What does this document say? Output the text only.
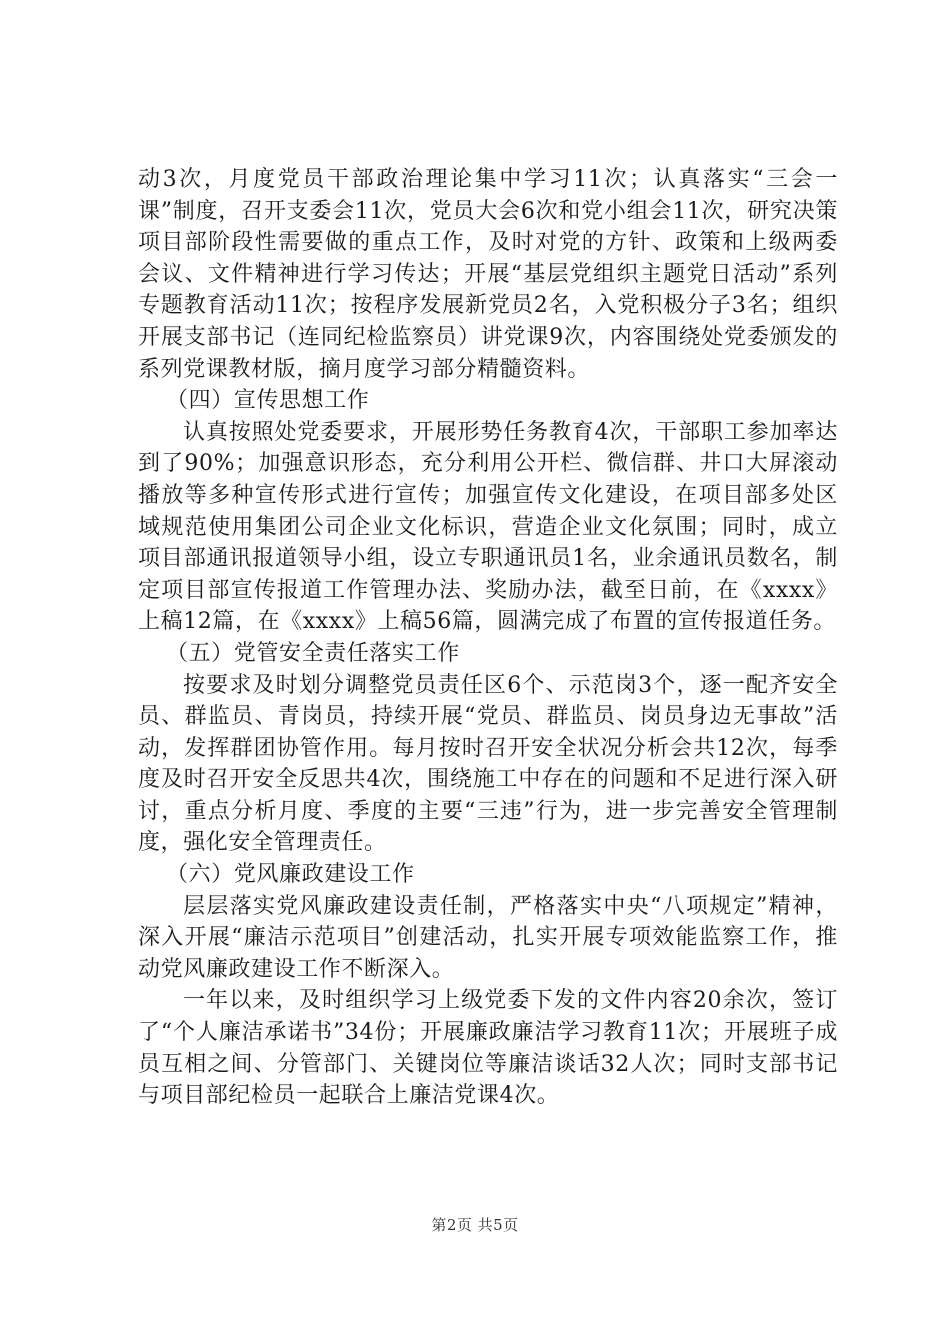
动3次，月度党员干部政治理论集中学习11次；认真落实“三会一课”制度，召开支委会11次，党员大会6次和党小组会11次，研究决策项目部阶段性需要做的重点工作，及时对党的方针、政策和上级两委会议、文件精神进行学习传达；开展“基层党组织主题党日活动”系列专题教育活动11次；按程序发展新党员2名，入党积极分子3名；组织开展支部书记（连同纪检监察员）讲党课9次，内容围绕处党委颁发的系列党课教材版，摘月度学习部分精髓资料。

（四）宣传思想工作

认真按照处党委要求，开展形势任务教育4次，干部职工参加率达到了90%；加强意识形态，充分利用公开栏、微信群、井口大屏滚动播放等多种宣传形式进行宣传；加强宣传文化建设，在项目部多处区域规范使用集团公司企业文化标识，营造企业文化氛围；同时，成立项目部通讯报道领导小组，设立专职通讯员1名，业余通讯员数名，制定项目部宣传报道工作管理办法、奖励办法，截至日前，在《xxxx》上稿12篇，在《xxxx》上稿56篇，圆满完成了布置的宣传报道任务。

（五）党管安全责任落实工作

按要求及时划分调整党员责任区6个、示范岗3个，逐一配齐安全员、群监员、青岗员，持续开展“党员、群监员、岗员身边无事故”活动，发挥群团协管作用。每月按时召开安全状况分析会共12次，每季度及时召开安全反思共4次，围绕施工中存在的问题和不足进行深入研讨，重点分析月度、季度的主要“三违”行为，进一步完善安全管理制度，强化安全管理责任。

（六）党风廉政建设工作

层层落实党风廉政建设责任制，严格落实中央“八项规定”精神，深入开展“廉洁示范项目”创建活动，扎实开展专项效能监察工作，推动党风廉政建设工作不断深入。

一年以来，及时组织学习上级党委下发的文件内容20余次，签订了“个人廉洁承诺书”34份；开展廉政廉洁学习教育11次；开展班子成员互相之间、分管部门、关键岗位等廉洁谈话32人次；同时支部书记与项目部纪检员一起联合上廉洁党课4次。

第2页 共5页
